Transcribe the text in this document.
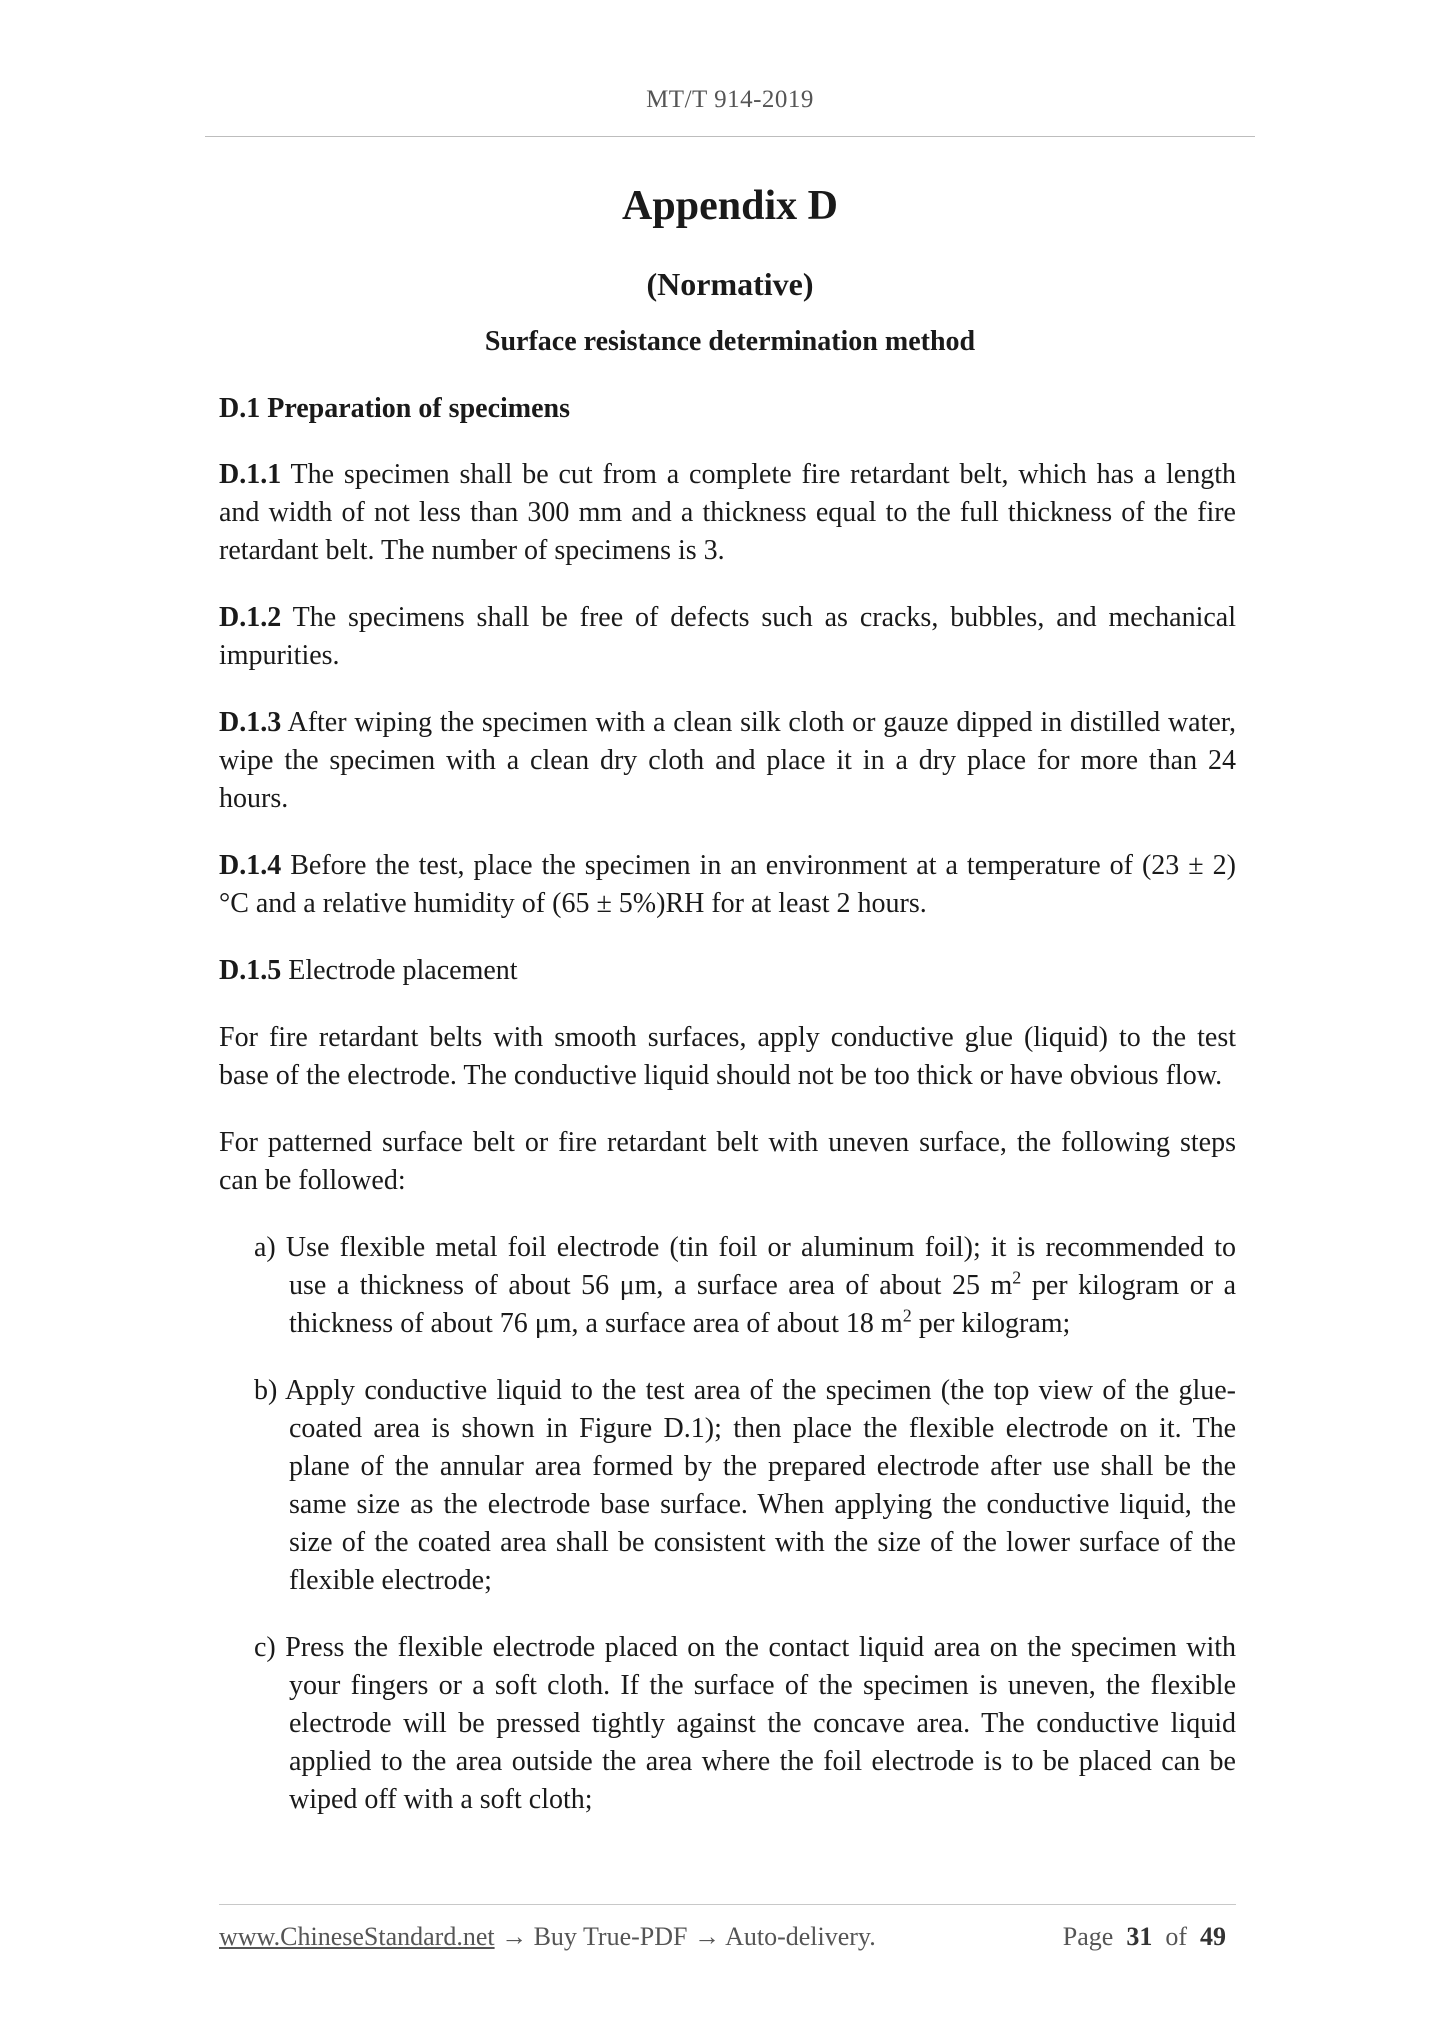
MT/T 914-2019
Appendix D
(Normative)
Surface resistance determination method

D.1 Preparation of specimens

D.1.1 The specimen shall be cut from a complete fire retardant belt, which has a length and width of not less than 300 mm and a thickness equal to the full thickness of the fire retardant belt. The number of specimens is 3.

D.1.2 The specimens shall be free of defects such as cracks, bubbles, and mechanical impurities.

D.1.3 After wiping the specimen with a clean silk cloth or gauze dipped in distilled water, wipe the specimen with a clean dry cloth and place it in a dry place for more than 24 hours.

D.1.4 Before the test, place the specimen in an environment at a temperature of (23 ± 2) °C and a relative humidity of (65 ± 5%)RH for at least 2 hours.

D.1.5 Electrode placement

For fire retardant belts with smooth surfaces, apply conductive glue (liquid) to the test base of the electrode. The conductive liquid should not be too thick or have obvious flow.

For patterned surface belt or fire retardant belt with uneven surface, the following steps can be followed:

a) Use flexible metal foil electrode (tin foil or aluminum foil); it is recommended to use a thickness of about 56 μm, a surface area of about 25 $m^2$ per kilogram or a thickness of about 76 μm, a surface area of about 18 $m^2$ per kilogram;

b) Apply conductive liquid to the test area of the specimen (the top view of the glue-coated area is shown in Figure D.1); then place the flexible electrode on it. The plane of the annular area formed by the prepared electrode after use shall be the same size as the electrode base surface. When applying the conductive liquid, the size of the coated area shall be consistent with the size of the lower surface of the flexible electrode;

c) Press the flexible electrode placed on the contact liquid area on the specimen with your fingers or a soft cloth. If the surface of the specimen is uneven, the flexible electrode will be pressed tightly against the concave area. The conductive liquid applied to the area outside the area where the foil electrode is to be placed can be wiped off with a soft cloth;

www.ChineseStandard.net → Buy True-PDF → Auto-delivery.	Page 31 of 49
